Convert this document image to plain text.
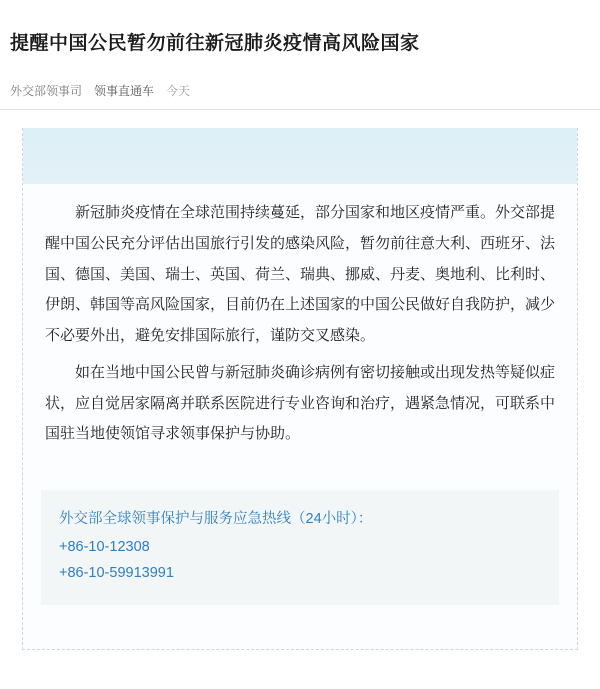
提醒中国公民暂勿前往新冠肺炎疫情高风险国家
外交部领事司 领事直通车 今天

新冠肺炎疫情在全球范围持续蔓延，部分国家和地区疫情严重。外交部提醒中国公民充分评估出国旅行引发的感染风险，暂勿前往意大利、西班牙、法国、德国、美国、瑞士、英国、荷兰、瑞典、挪威、丹麦、奥地利、比利时、伊朗、韩国等高风险国家，目前仍在上述国家的中国公民做好自我防护，减少不必要外出，避免安排国际旅行，谨防交叉感染。

如在当地中国公民曾与新冠肺炎确诊病例有密切接触或出现发热等疑似症状，应自觉居家隔离并联系医院进行专业咨询和治疗，遇紧急情况，可联系中国驻当地使领馆寻求领事保护与协助。

外交部全球领事保护与服务应急热线（24小时）：
+86-10-12308
+86-10-59913991
